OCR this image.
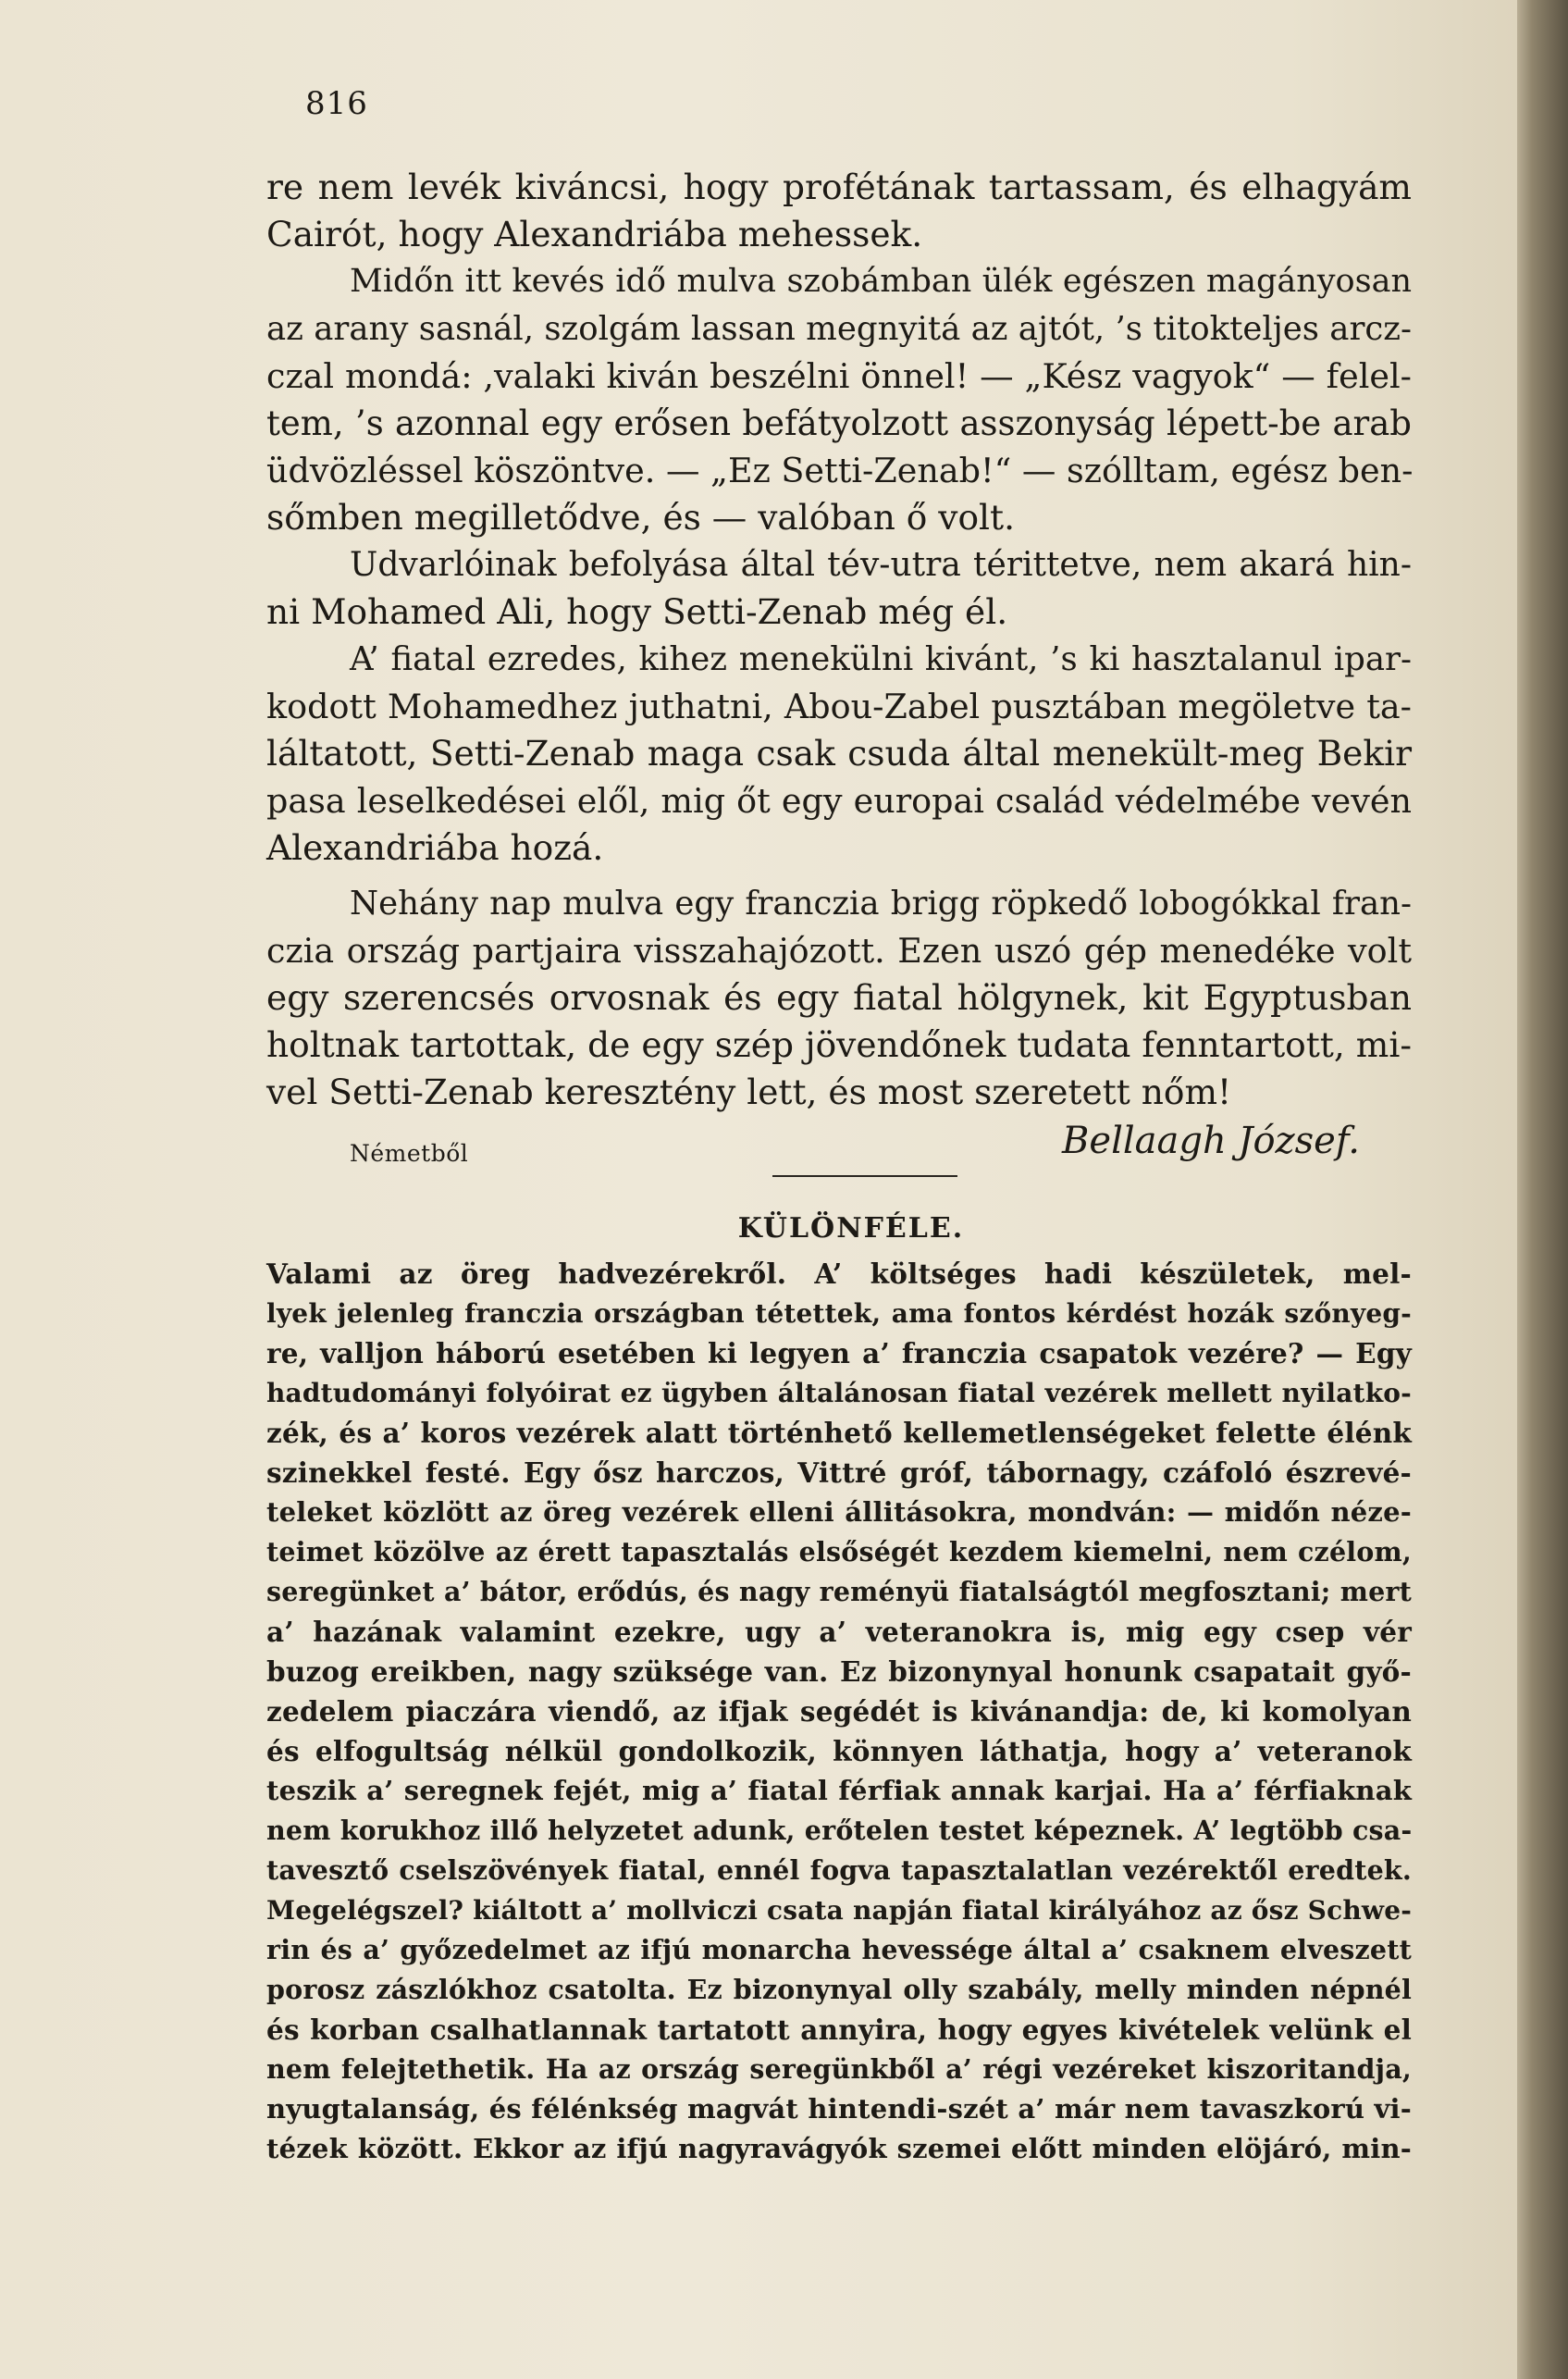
816

re nem levék kiváncsi, hogy profétának tartassam, és elhagyám

Cairót, hogy Alexandriába mehessek.

Midőn itt kevés idő mulva szobámban ülék egészen magányosan

az arany sasnál, szolgám lassan megnyitá az ajtót, ’s titokteljes arcz-

czal mondá: ,valaki kiván beszélni önnel! — „Kész vagyok“ — felel-

tem, ’s azonnal egy erősen befátyolzott asszonyság lépett-be arab

üdvözléssel köszöntve. — „Ez Setti-Zenab!“ — szólltam, egész ben-

sőmben megilletődve, és — valóban ő volt.

Udvarlóinak befolyása által tév-utra térittetve, nem akará hin-

ni Mohamed Ali, hogy Setti-Zenab még él.

A’ fiatal ezredes, kihez menekülni kivánt, ’s ki hasztalanul ipar-

kodott Mohamedhez juthatni, Abou-Zabel pusztában megöletve ta-

láltatott, Setti-Zenab maga csak csuda által menekült-meg Bekir

pasa leselkedései elől, mig őt egy europai család védelmébe vevén

Alexandriába hozá.

Nehány nap mulva egy franczia brigg röpkedő lobogókkal fran-

czia ország partjaira visszahajózott. Ezen uszó gép menedéke volt

egy szerencsés orvosnak és egy fiatal hölgynek, kit Egyptusban

holtnak tartottak, de egy szép jövendőnek tudata fenntartott, mi-

vel Setti-Zenab keresztény lett, és most szeretett nőm!

Németből	Bellaagh József.
KÜLÖNFÉLE.

Valami az öreg hadvezérekről. A’ költséges hadi készületek, mel-

lyek jelenleg franczia országban tétettek, ama fontos kérdést hozák szőnyeg-

re, valljon háború esetében ki legyen a’ franczia csapatok vezére? — Egy

hadtudományi folyóirat ez ügyben általánosan fiatal vezérek mellett nyilatko-

zék, és a’ koros vezérek alatt történhető kellemetlenségeket felette élénk

szinekkel festé. Egy ősz harczos, Vittré gróf, tábornagy, czáfoló észrevé-

teleket közlött az öreg vezérek elleni állitásokra, mondván: — midőn néze-

teimet közölve az érett tapasztalás elsőségét kezdem kiemelni, nem czélom,

seregünket a’ bátor, erődús, és nagy reményü fiatalságtól megfosztani; mert

a’ hazának valamint ezekre, ugy a’ veteranokra is, mig egy csep vér

buzog ereikben, nagy szüksége van. Ez bizonynyal honunk csapatait győ-

zedelem piaczára viendő, az ifjak segédét is kivánandja: de, ki komolyan

és elfogultság nélkül gondolkozik, könnyen láthatja, hogy a’ veteranok

teszik a’ seregnek fejét, mig a’ fiatal férfiak annak karjai. Ha a’ férfiaknak

nem korukhoz illő helyzetet adunk, erőtelen testet képeznek. A’ legtöbb csa-

tavesztő cselszövények fiatal, ennél fogva tapasztalatlan vezérektől eredtek.

Megelégszel? kiáltott a’ mollviczi csata napján fiatal királyához az ősz Schwe-

rin és a’ győzedelmet az ifjú monarcha hevessége által a’ csaknem elveszett

porosz zászlókhoz csatolta. Ez bizonynyal olly szabály, melly minden népnél

és korban csalhatlannak tartatott annyira, hogy egyes kivételek velünk el

nem felejtethetik. Ha az ország seregünkből a’ régi vezéreket kiszoritandja,

nyugtalanság, és félénkség magvát hintendi-szét a’ már nem tavaszkorú vi-

tézek között. Ekkor az ifjú nagyravágyók szemei előtt minden elöjáró, min-
